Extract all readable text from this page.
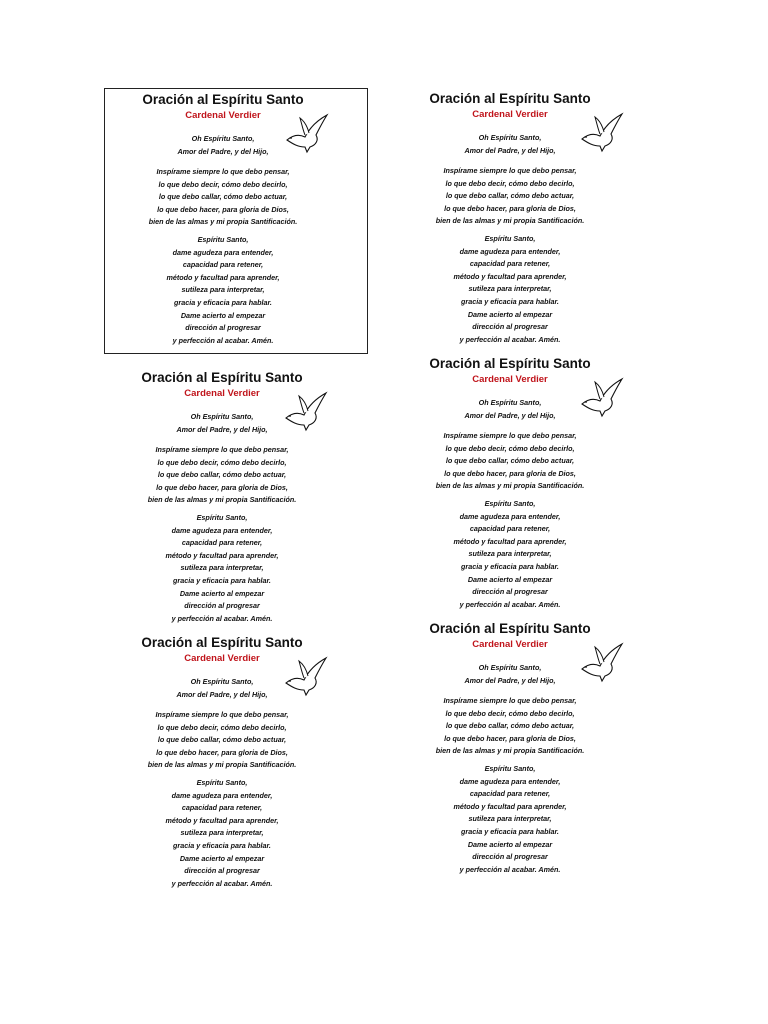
Oración al Espíritu Santo
Cardenal Verdier
Oh Espíritu Santo,
Amor del Padre, y del Hijo,
Inspírame siempre lo que debo pensar,
lo que debo decir, cómo debo decirlo,
lo que debo callar, cómo debo actuar,
lo que debo hacer, para gloria de Dios,
bien de las almas y mi propia Santificación.
Espíritu Santo,
dame agudeza para entender,
capacidad para retener,
método y facultad para aprender,
sutileza para interpretar,
gracia y eficacia para hablar.
Dame acierto al empezar
dirección al progresar
y perfección al acabar. Amén.
Oración al Espíritu Santo
Cardenal Verdier
Oh Espíritu Santo,
Amor del Padre, y del Hijo,
Inspírame siempre lo que debo pensar,
lo que debo decir, cómo debo decirlo,
lo que debo callar, cómo debo actuar,
lo que debo hacer, para gloria de Dios,
bien de las almas y mi propia Santificación.
Espíritu Santo,
dame agudeza para entender,
capacidad para retener,
método y facultad para aprender,
sutileza para interpretar,
gracia y eficacia para hablar.
Dame acierto al empezar
dirección al progresar
y perfección al acabar. Amén.
Oración al Espíritu Santo
Cardenal Verdier
Oh Espíritu Santo,
Amor del Padre, y del Hijo,
Inspírame siempre lo que debo pensar,
lo que debo decir, cómo debo decirlo,
lo que debo callar, cómo debo actuar,
lo que debo hacer, para gloria de Dios,
bien de las almas y mi propia Santificación.
Espíritu Santo,
dame agudeza para entender,
capacidad para retener,
método y facultad para aprender,
sutileza para interpretar,
gracia y eficacia para hablar.
Dame acierto al empezar
dirección al progresar
y perfección al acabar. Amén.
Oración al Espíritu Santo
Cardenal Verdier
Oh Espíritu Santo,
Amor del Padre, y del Hijo,
Inspírame siempre lo que debo pensar,
lo que debo decir, cómo debo decirlo,
lo que debo callar, cómo debo actuar,
lo que debo hacer, para gloria de Dios,
bien de las almas y mi propia Santificación.
Espíritu Santo,
dame agudeza para entender,
capacidad para retener,
método y facultad para aprender,
sutileza para interpretar,
gracia y eficacia para hablar.
Dame acierto al empezar
dirección al progresar
y perfección al acabar. Amén.
Oración al Espíritu Santo
Cardenal Verdier
Oh Espíritu Santo,
Amor del Padre, y del Hijo,
Inspírame siempre lo que debo pensar,
lo que debo decir, cómo debo decirlo,
lo que debo callar, cómo debo actuar,
lo que debo hacer, para gloria de Dios,
bien de las almas y mi propia Santificación.
Espíritu Santo,
dame agudeza para entender,
capacidad para retener,
método y facultad para aprender,
sutileza para interpretar,
gracia y eficacia para hablar.
Dame acierto al empezar
dirección al progresar
y perfección al acabar. Amén.
Oración al Espíritu Santo
Cardenal Verdier
Oh Espíritu Santo,
Amor del Padre, y del Hijo,
Inspírame siempre lo que debo pensar,
lo que debo decir, cómo debo decirlo,
lo que debo callar, cómo debo actuar,
lo que debo hacer, para gloria de Dios,
bien de las almas y mi propia Santificación.
Espíritu Santo,
dame agudeza para entender,
capacidad para retener,
método y facultad para aprender,
sutileza para interpretar,
gracia y eficacia para hablar.
Dame acierto al empezar
dirección al progresar
y perfección al acabar. Amén.
